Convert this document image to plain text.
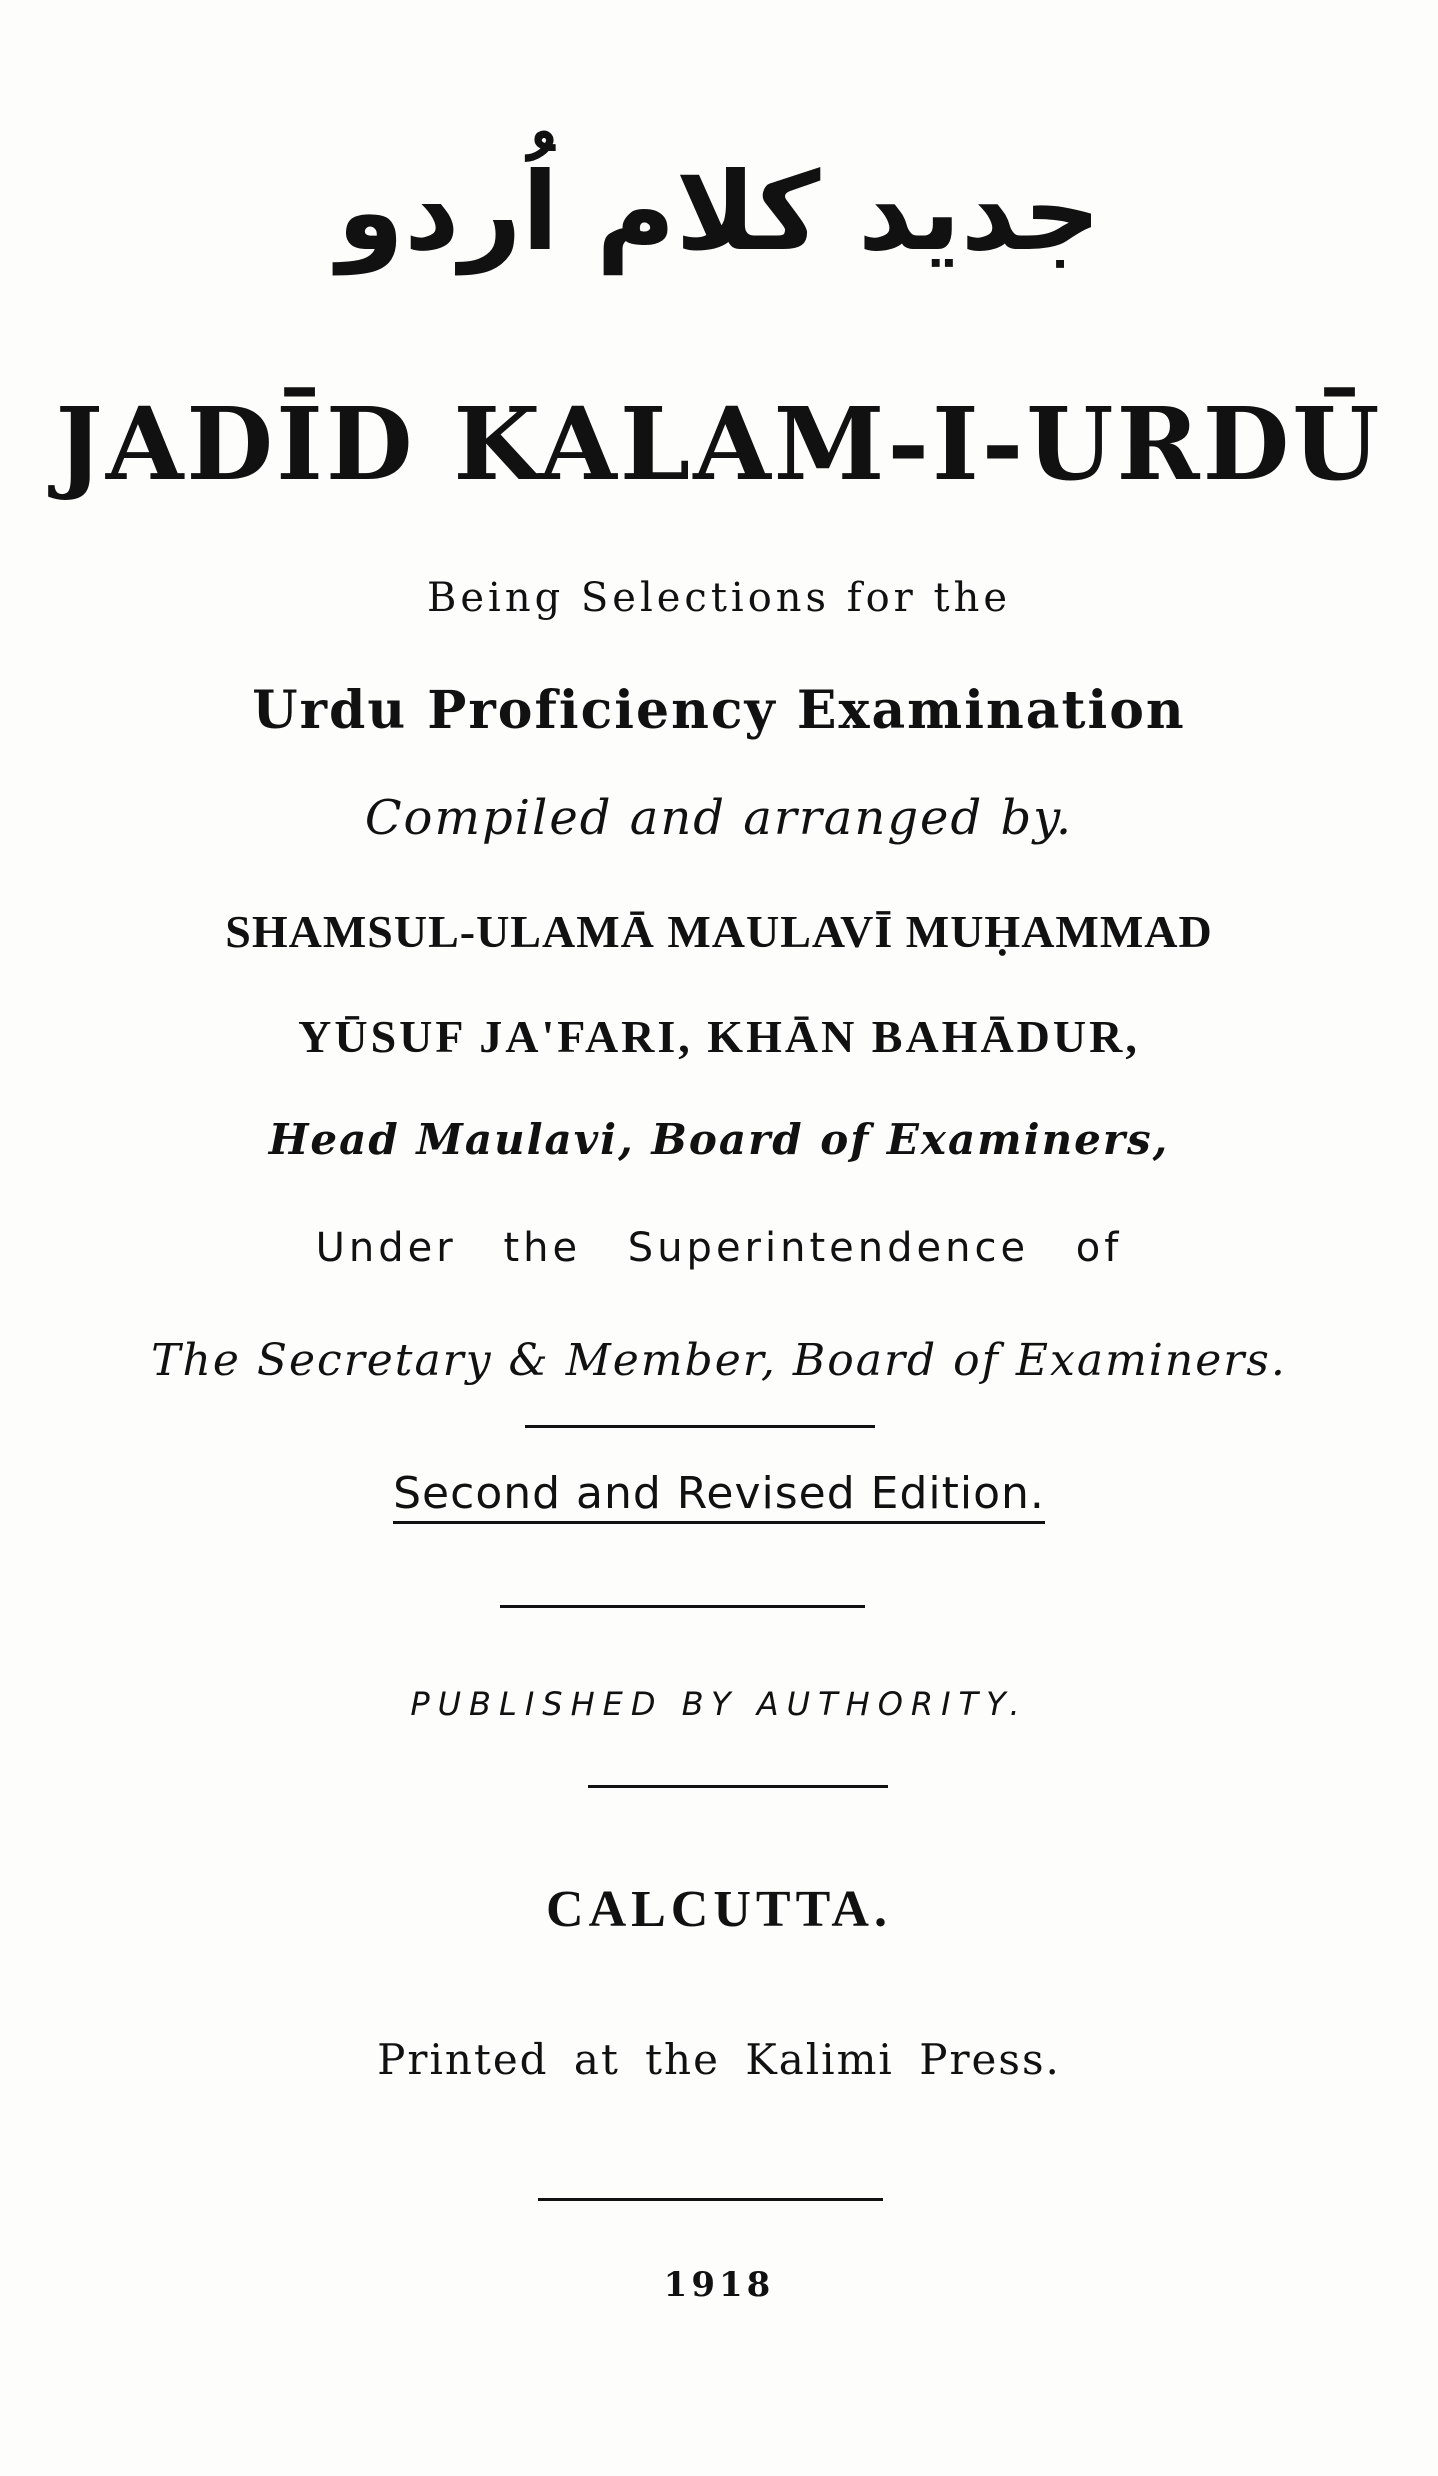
جدید کلام اُردو
JADĪD KALAM-I-URDŪ
Being Selections for the
Urdu Proficiency Examination
Compiled and arranged by.
SHAMSUL-ULAMĀ MAULAVĪ MUḤAMMAD
YŪSUF JA'FARI, KHĀN BAHĀDUR,
Head Maulavi, Board of Examiners,
Under the Superintendence of
The Secretary & Member, Board of Examiners.
Second and Revised Edition.
PUBLISHED BY AUTHORITY.
CALCUTTA.
Printed at the Kalimi Press.
1918
